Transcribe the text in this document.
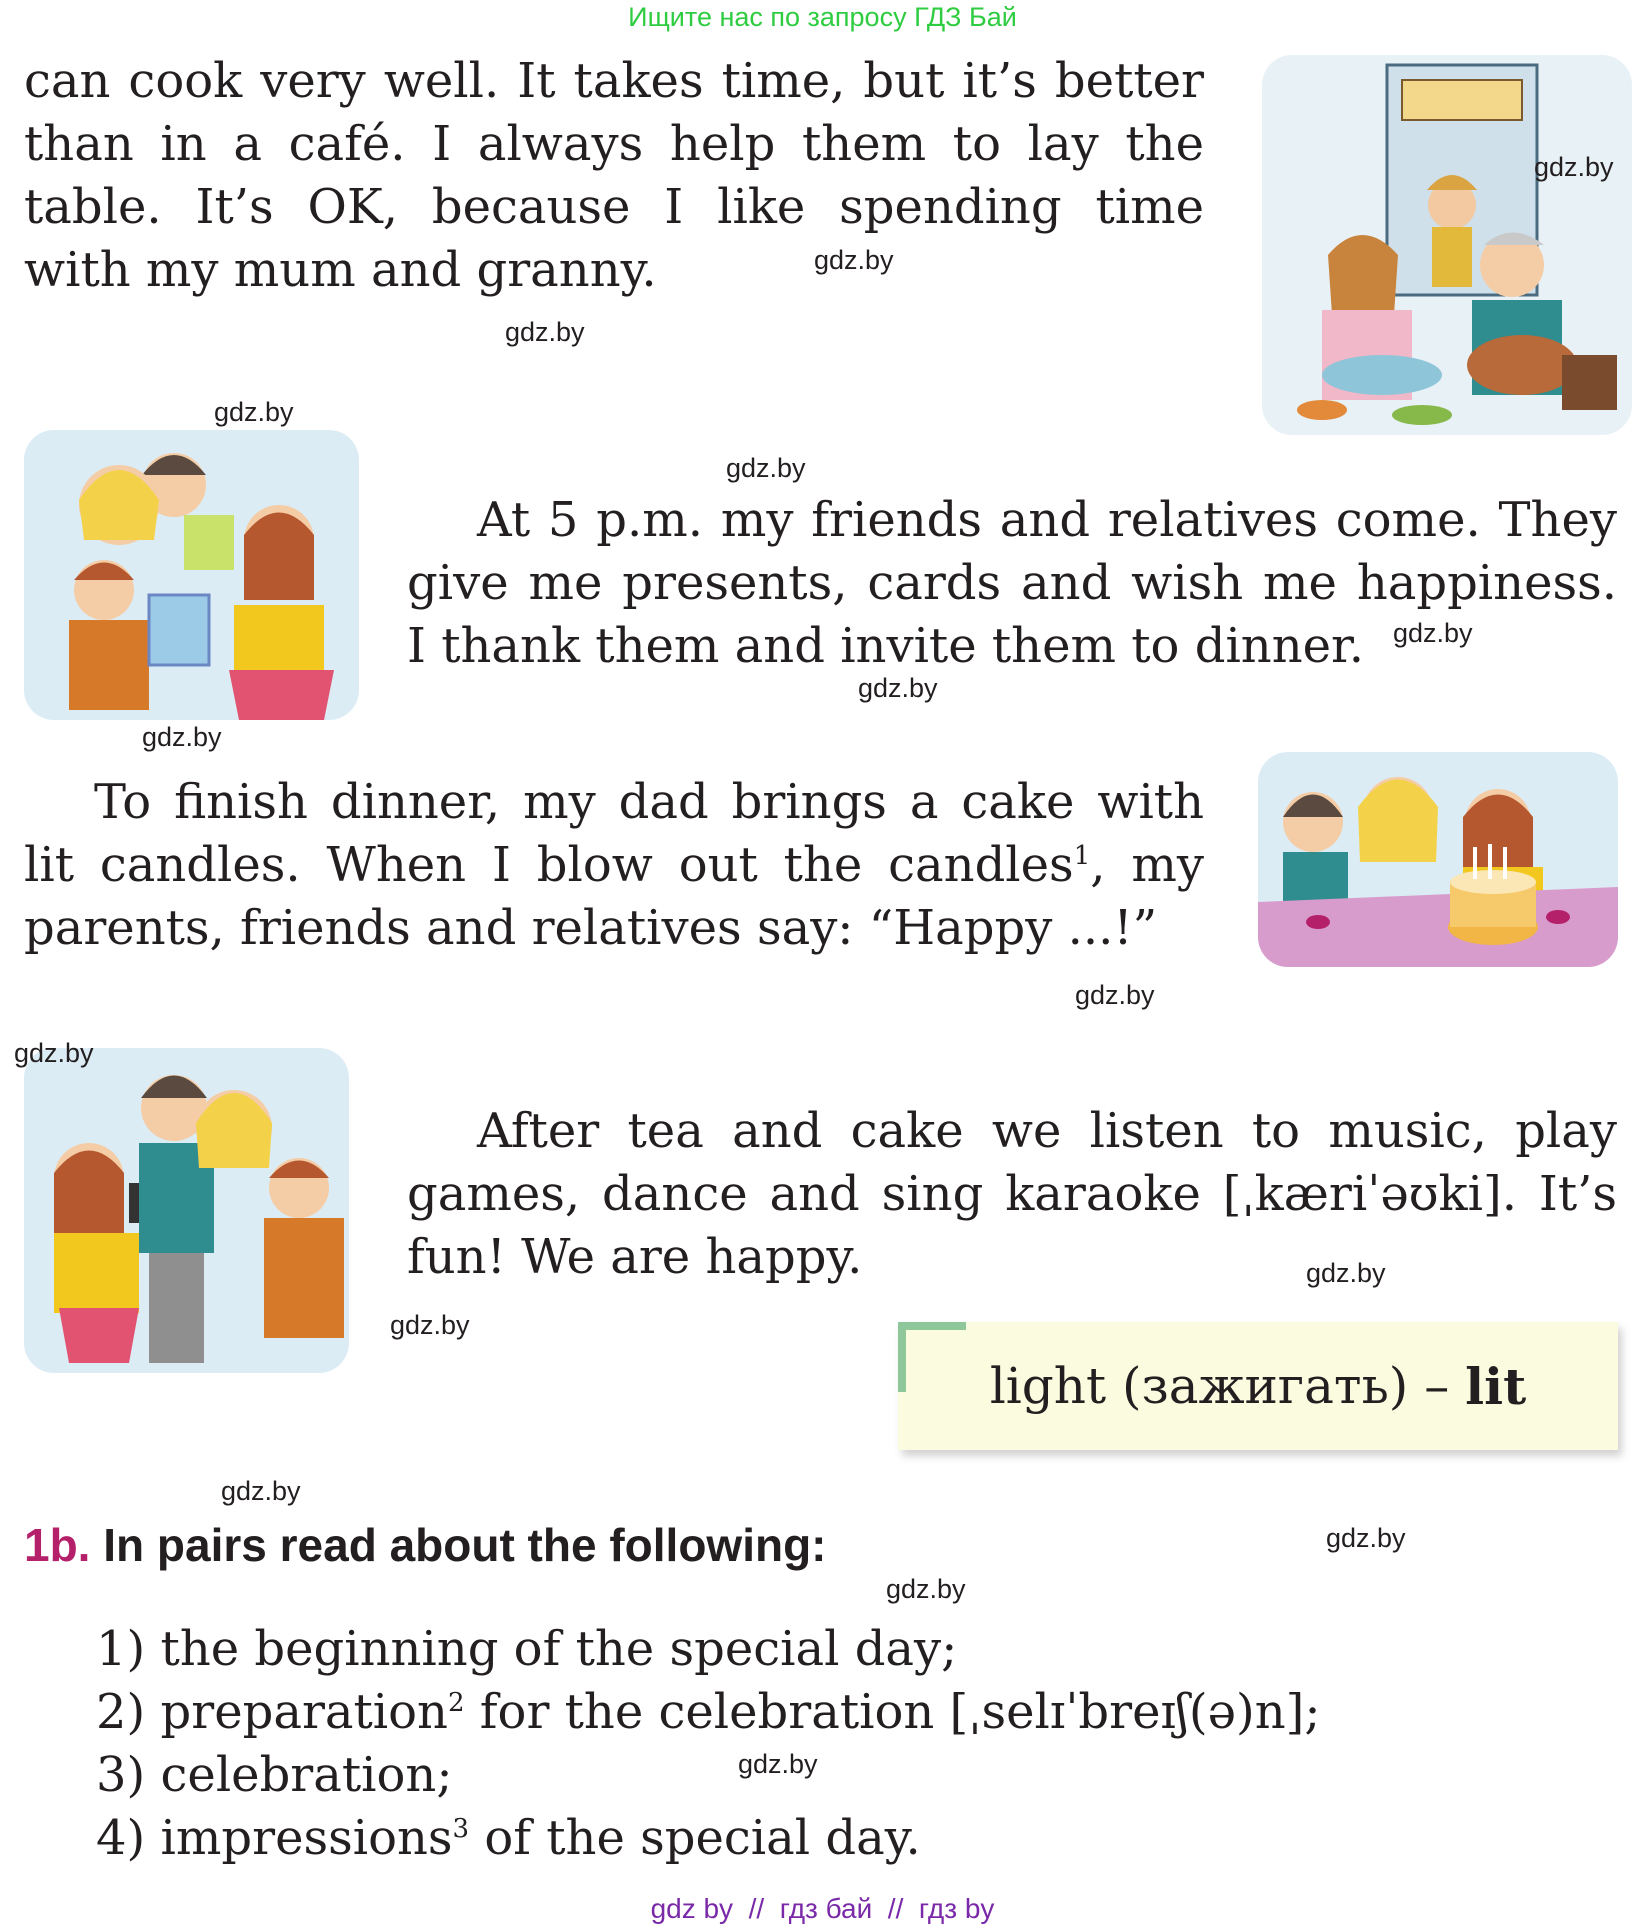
Ищите нас по запросу ГДЗ Бай
can cook very well. It takes time, but it’s better
than in a café. I always help them to lay the
table. It’s OK, because I like spending time
with my mum and granny.
At 5 p.m. my friends and relatives come. They
give me presents, cards and wish me happiness.
I thank them and invite them to dinner.
To finish dinner, my dad brings a cake with
lit candles. When I blow out the candles$^1$, my
parents, friends and relatives say: “Happy ...!”
After tea and cake we listen to music, play
games, dance and sing karaoke [ˌkæriˈəʊki]. It’s
fun! We are happy.
light (зажигать) – lit
1b. In pairs read about the following:
1) the beginning of the special day;
2) preparation$^2$ for the celebration [ˌselɪˈbreɪʃ(ə)n];
3) celebration;
4) impressions$^3$ of the special day.
gdz.by
gdz.by
gdz.by
gdz.by
gdz.by
gdz.by
gdz.by
gdz.by
gdz.by
gdz.by
gdz.by
gdz.by
gdz.by
gdz.by
gdz.by
gdz.by
gdz by  //  гдз бай  //  гдз by
